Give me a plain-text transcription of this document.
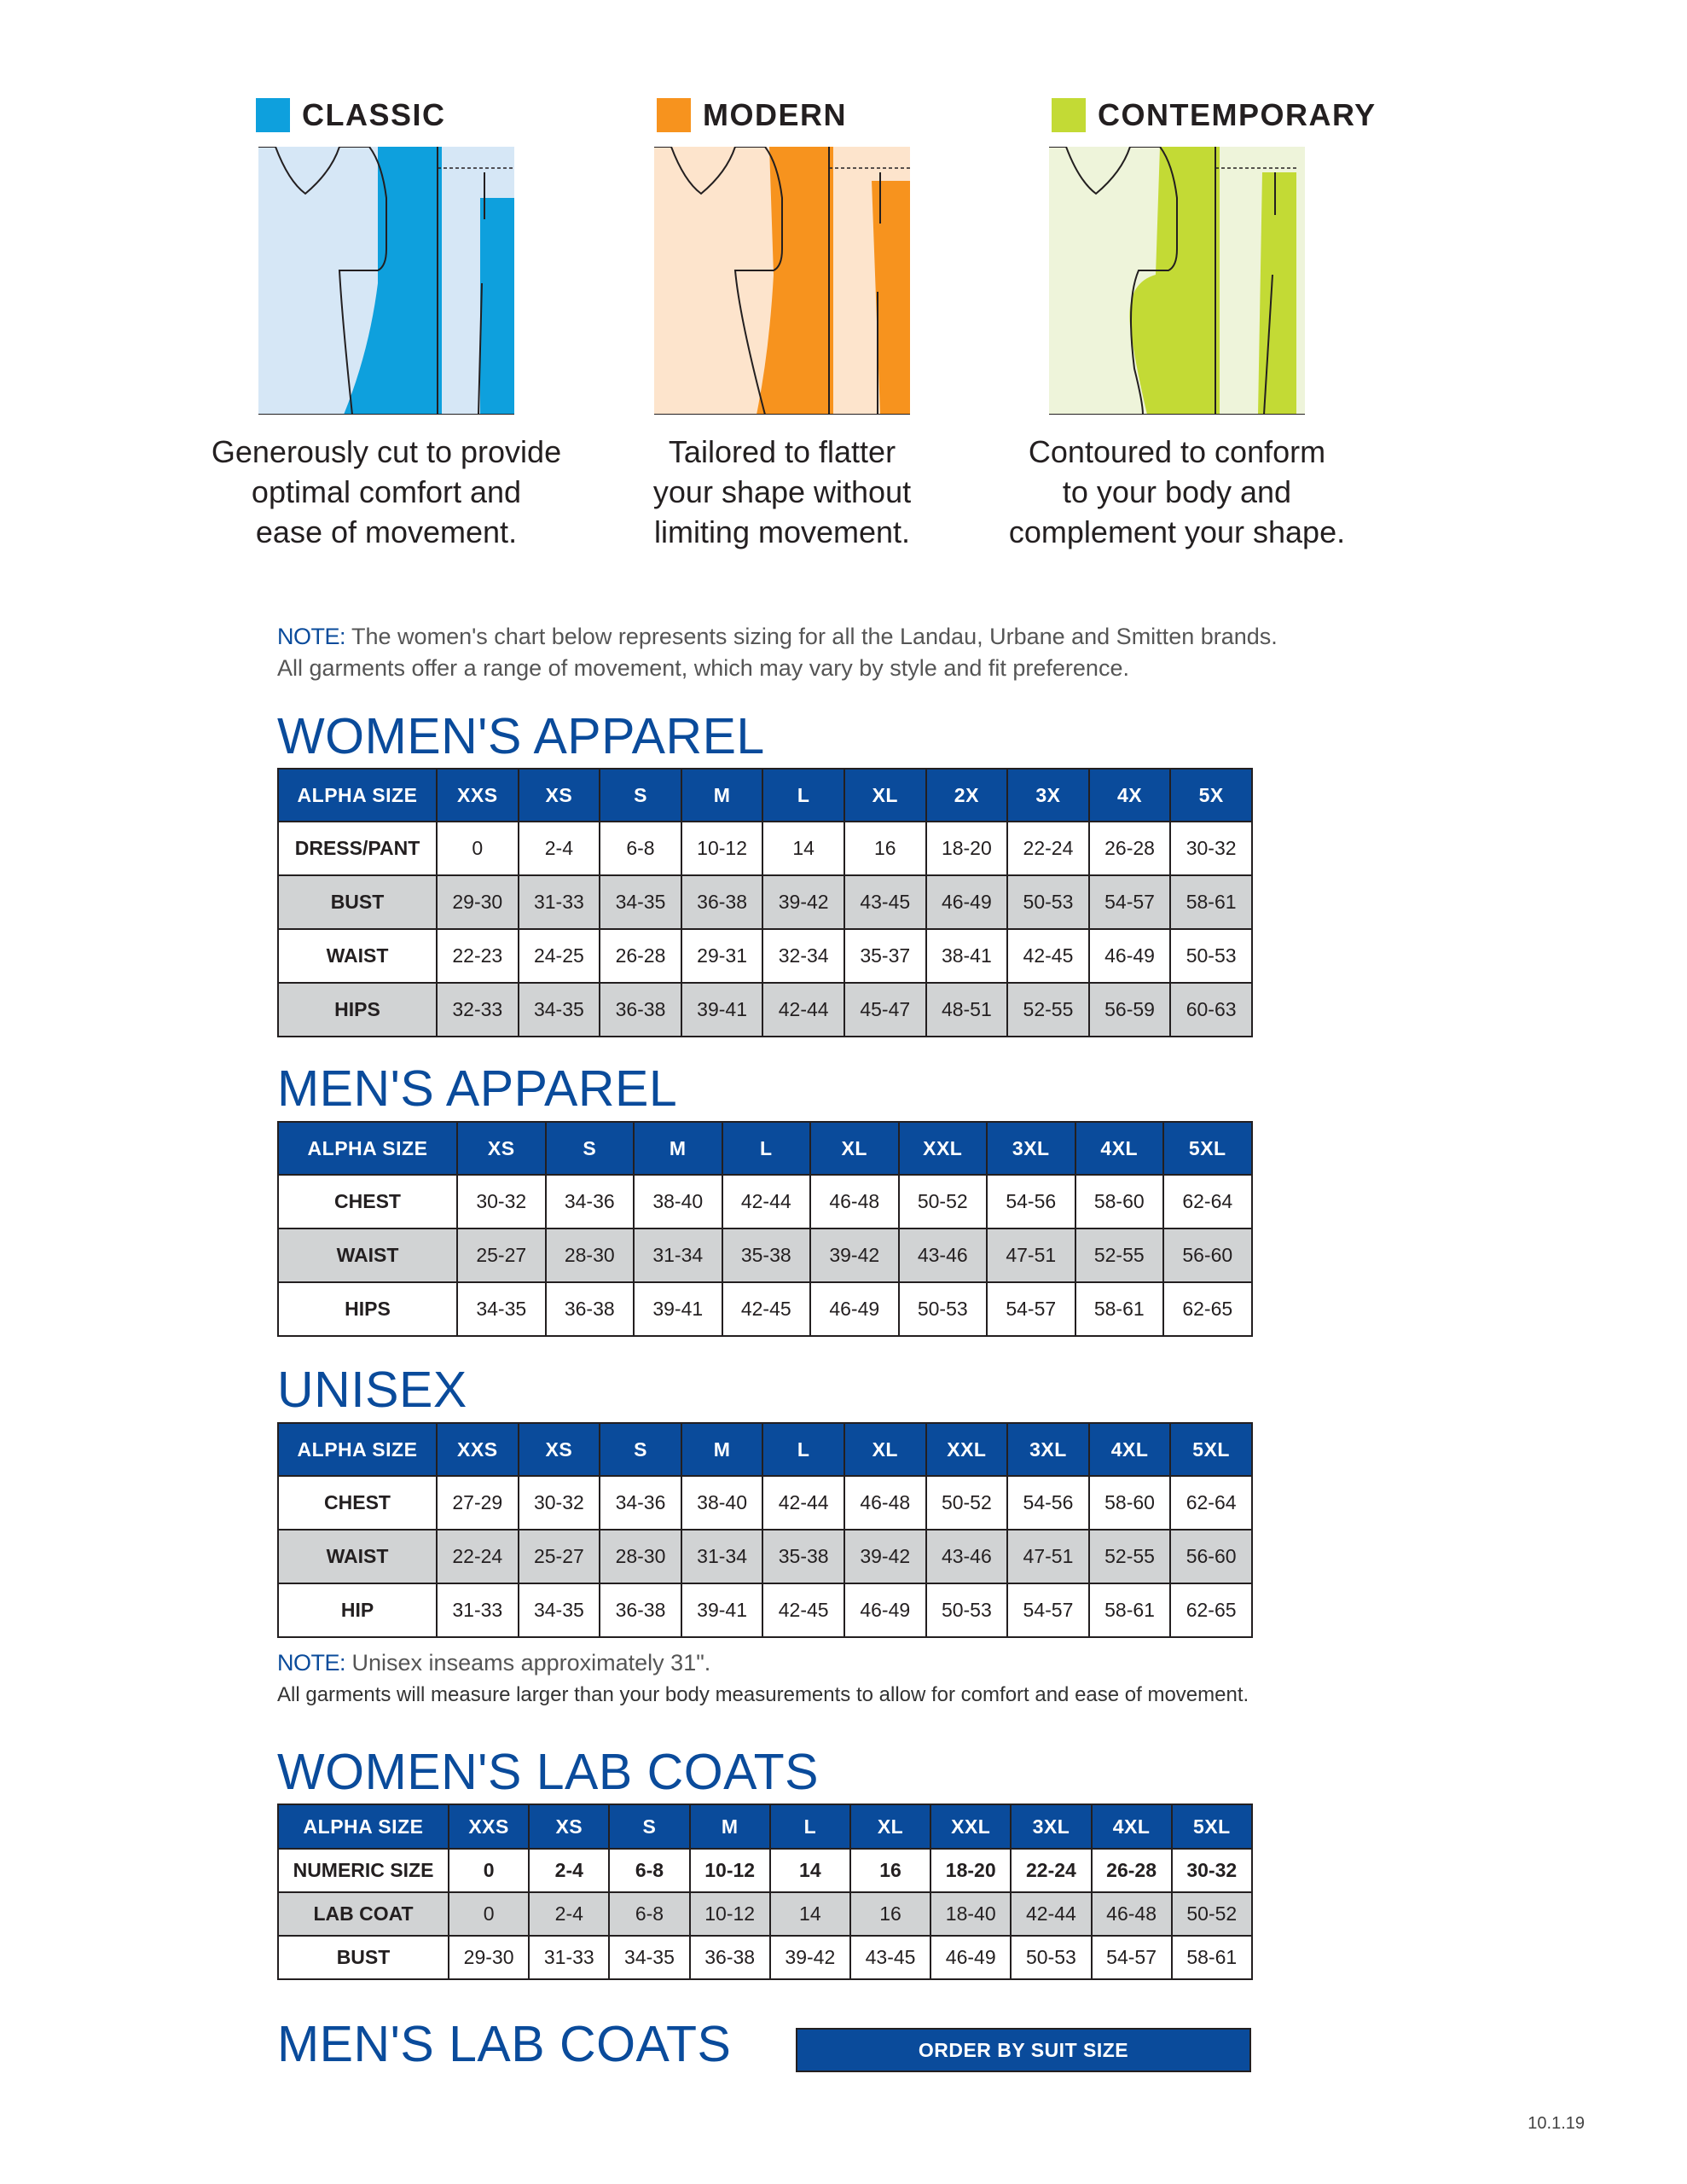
CLASSIC
Generously cut to provide
optimal comfort and
ease of movement.
MODERN
Tailored to flatter
your shape without
limiting movement.
CONTEMPORARY
Contoured to conform
to your body and
complement your shape.
NOTE: The women's chart below represents sizing for all the Landau, Urbane and Smitten brands.
All garments offer a range of movement, which may vary by style and fit preference.
WOMEN'S APPAREL
ALPHA SIZE	XXS	XS	S	M	L	XL	2X	3X	4X	5X
DRESS/PANT	0	2-4	6-8	10-12	14	16	18-20	22-24	26-28	30-32
BUST	29-30	31-33	34-35	36-38	39-42	43-45	46-49	50-53	54-57	58-61
WAIST	22-23	24-25	26-28	29-31	32-34	35-37	38-41	42-45	46-49	50-53
HIPS	32-33	34-35	36-38	39-41	42-44	45-47	48-51	52-55	56-59	60-63
MEN'S APPAREL
ALPHA SIZE	XS	S	M	L	XL	XXL	3XL	4XL	5XL
CHEST	30-32	34-36	38-40	42-44	46-48	50-52	54-56	58-60	62-64
WAIST	25-27	28-30	31-34	35-38	39-42	43-46	47-51	52-55	56-60
HIPS	34-35	36-38	39-41	42-45	46-49	50-53	54-57	58-61	62-65
UNISEX
ALPHA SIZE	XXS	XS	S	M	L	XL	XXL	3XL	4XL	5XL
CHEST	27-29	30-32	34-36	38-40	42-44	46-48	50-52	54-56	58-60	62-64
WAIST	22-24	25-27	28-30	31-34	35-38	39-42	43-46	47-51	52-55	56-60
HIP	31-33	34-35	36-38	39-41	42-45	46-49	50-53	54-57	58-61	62-65
NOTE: Unisex inseams approximately 31".
All garments will measure larger than your body measurements to allow for comfort and ease of movement.
WOMEN'S LAB COATS
ALPHA SIZE	XXS	XS	S	M	L	XL	XXL	3XL	4XL	5XL
NUMERIC SIZE	0	2-4	6-8	10-12	14	16	18-20	22-24	26-28	30-32
LAB COAT	0	2-4	6-8	10-12	14	16	18-40	42-44	46-48	50-52
BUST	29-30	31-33	34-35	36-38	39-42	43-45	46-49	50-53	54-57	58-61
MEN'S LAB COATS	ORDER BY SUIT SIZE
10.1.19
